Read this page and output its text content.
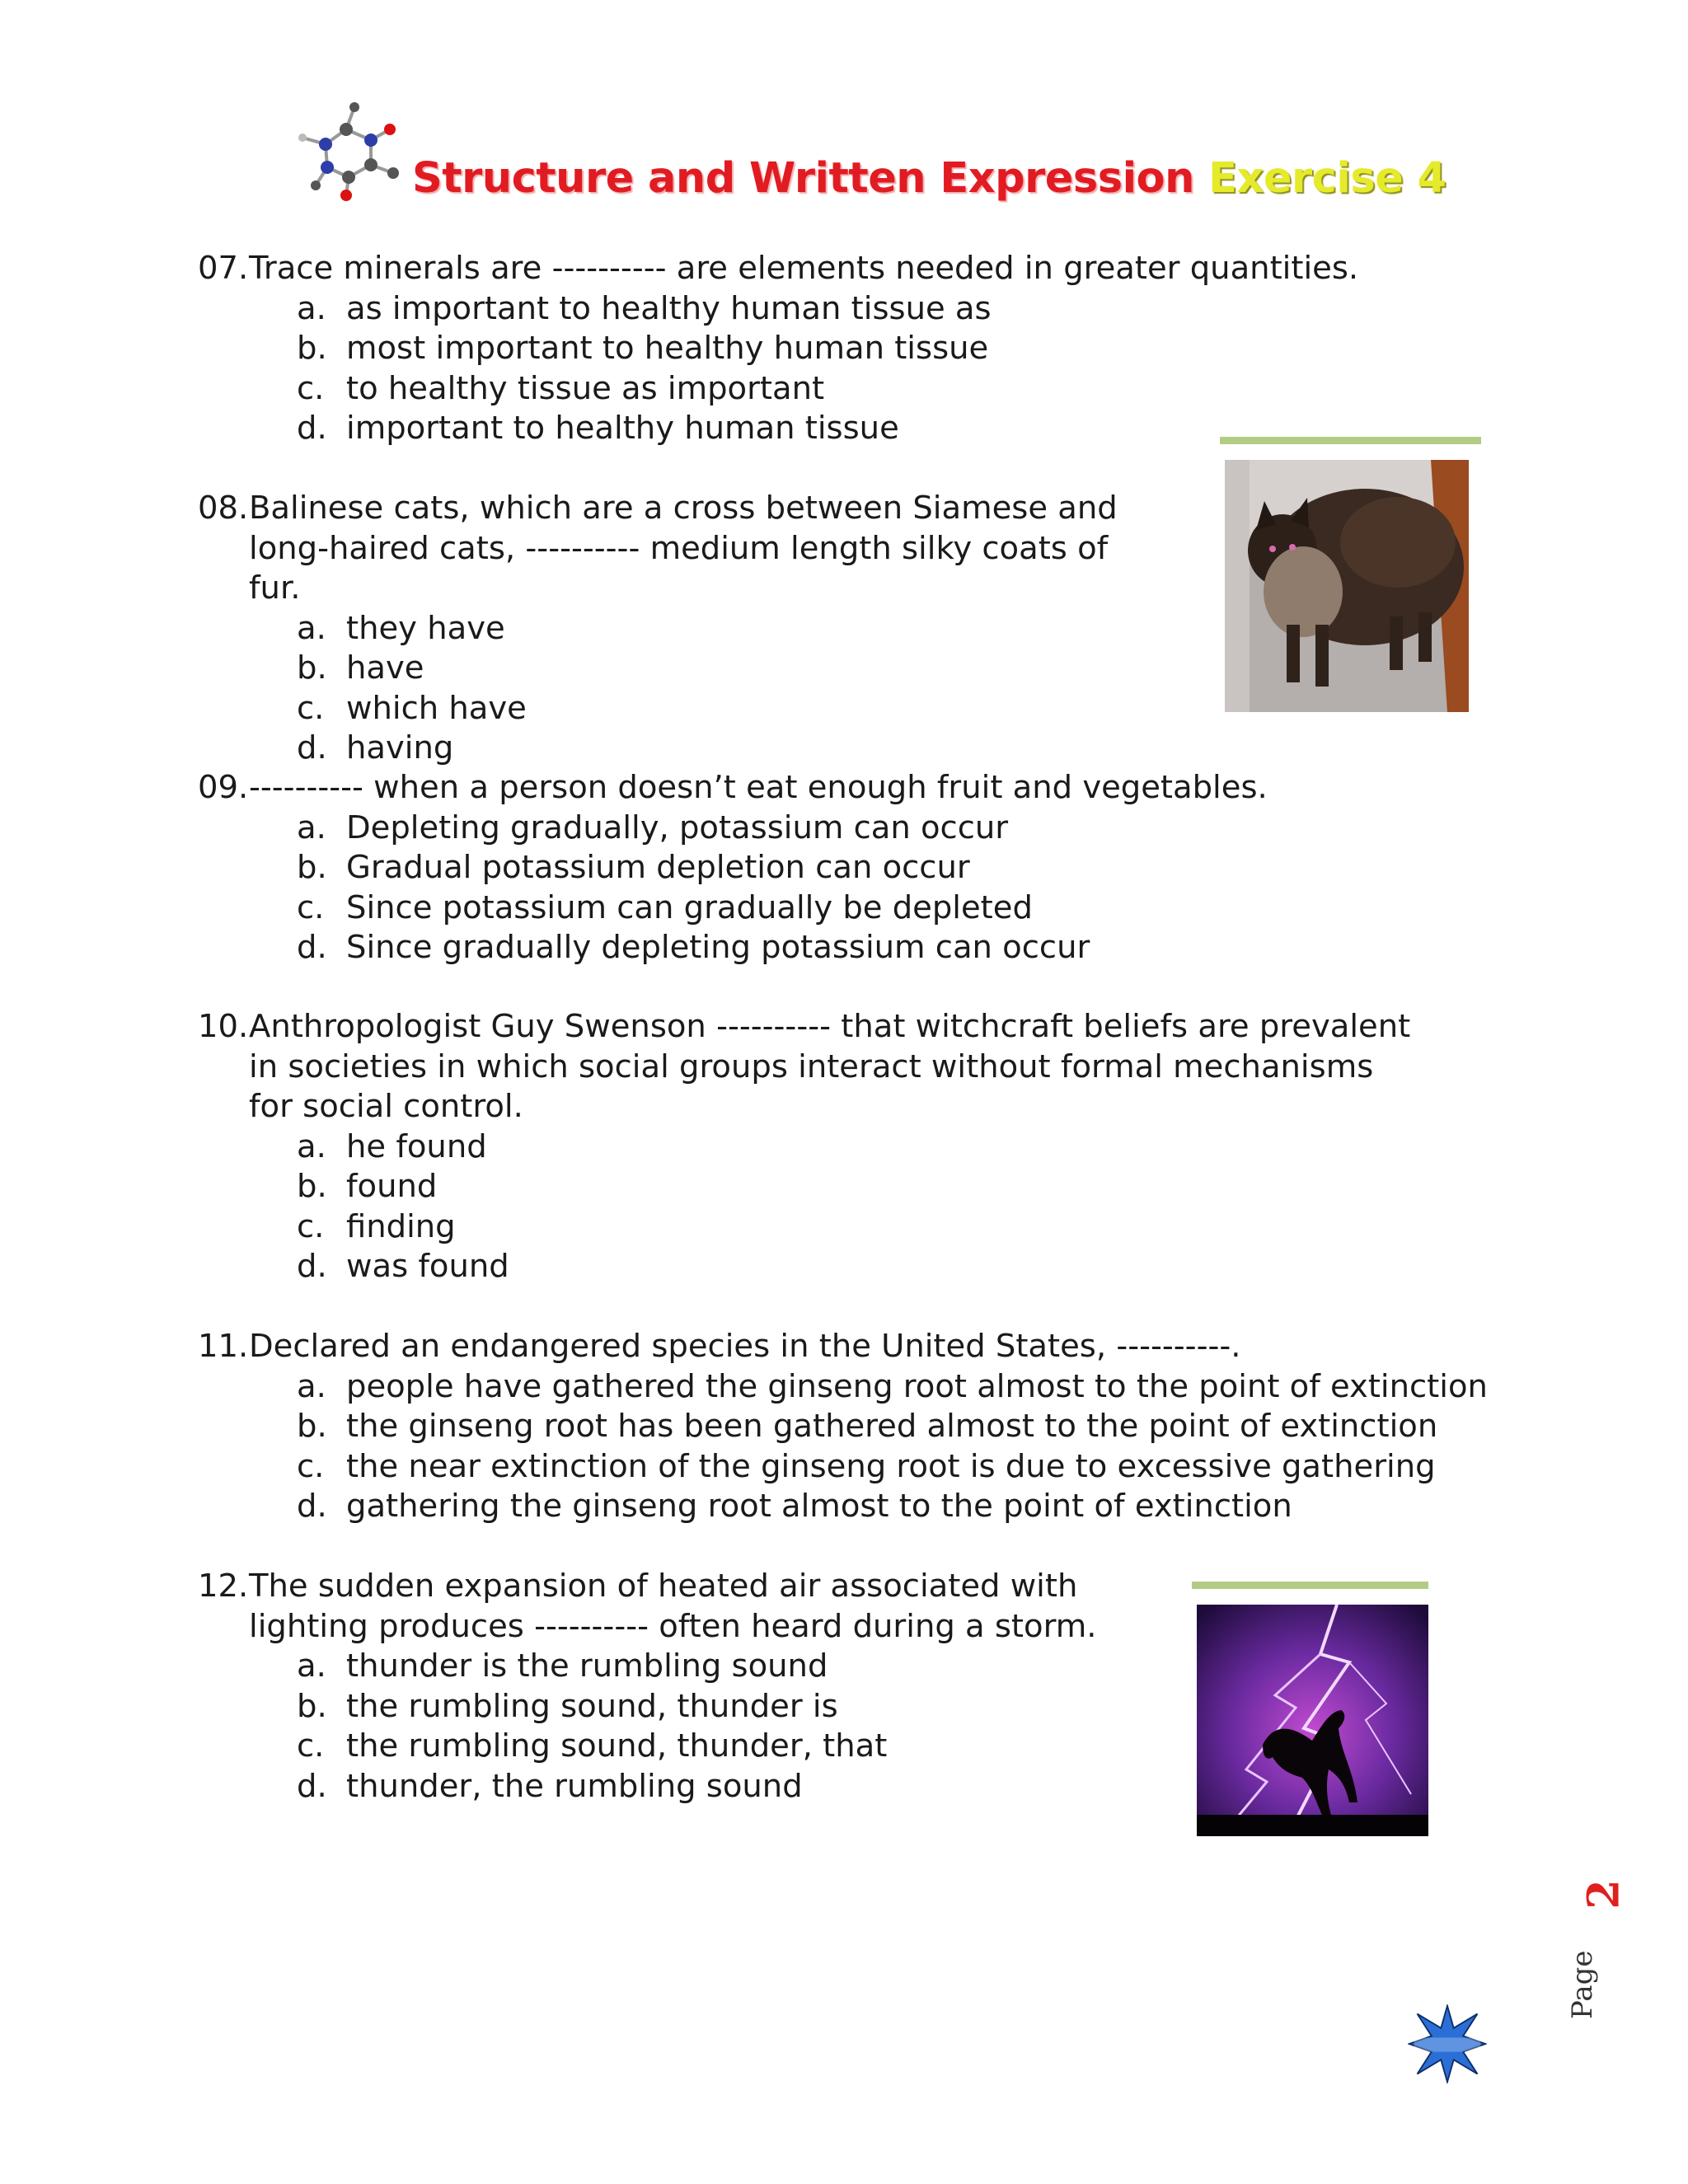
Structure and Written Expression Exercise 4
07. Trace minerals are ---------- are elements needed in greater quantities.
a. as important to healthy human tissue as
b. most important to healthy human tissue
c. to healthy tissue as important
d. important to healthy human tissue
08. Balinese cats, which are a cross between Siamese and long-haired cats, ---------- medium length silky coats of fur.
a. they have
b. have
c. which have
d. having
09. ---------- when a person doesn’t eat enough fruit and vegetables.
a. Depleting gradually, potassium can occur
b. Gradual potassium depletion can occur
c. Since potassium can gradually be depleted
d. Since gradually depleting potassium can occur
10. Anthropologist Guy Swenson ---------- that witchcraft beliefs are prevalent in societies in which social groups interact without formal mechanisms for social control.
a. he found
b. found
c. finding
d. was found
11. Declared an endangered species in the United States, ----------.
a. people have gathered the ginseng root almost to the point of extinction
b. the ginseng root has been gathered almost to the point of extinction
c. the near extinction of the ginseng root is due to excessive gathering
d. gathering the ginseng root almost to the point of extinction
12. The sudden expansion of heated air associated with lighting produces ---------- often heard during a storm.
a. thunder is the rumbling sound
b. the rumbling sound, thunder is
c. the rumbling sound, thunder, that
d. thunder, the rumbling sound
Page
2
